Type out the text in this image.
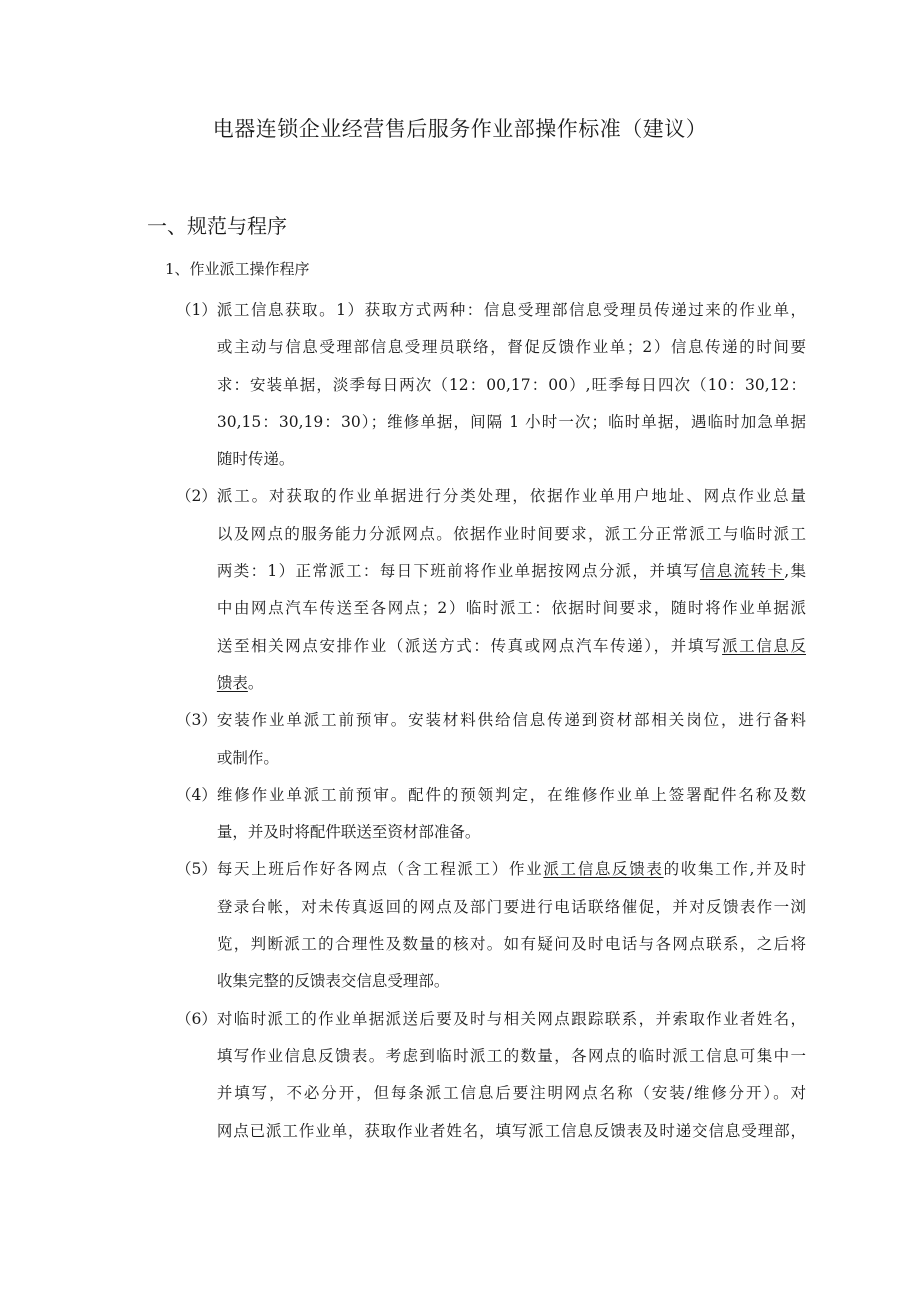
电器连锁企业经营售后服务作业部操作标准（建议）
一、规范与程序
1、作业派工操作程序
（1） 派工信息获取。1）获取方式两种：信息受理部信息受理员传递过来的作业单，
或主动与信息受理部信息受理员联络，督促反馈作业单；2）信息传递的时间要
求：安装单据，淡季每日两次（12：00,17：00）,旺季每日四次（10：30,12：
30,15：30,19：30）；维修单据，间隔 1 小时一次；临时单据，遇临时加急单据
随时传递。
（2） 派工。对获取的作业单据进行分类处理，依据作业单用户地址、网点作业总量
以及网点的服务能力分派网点。依据作业时间要求，派工分正常派工与临时派工
两类：1）正常派工：每日下班前将作业单据按网点分派，并填写信息流转卡,集
中由网点汽车传送至各网点；2）临时派工：依据时间要求，随时将作业单据派
送至相关网点安排作业（派送方式：传真或网点汽车传递），并填写派工信息反
馈表。
（3） 安装作业单派工前预审。安装材料供给信息传递到资材部相关岗位，进行备料
或制作。
（4） 维修作业单派工前预审。配件的预领判定，在维修作业单上签署配件名称及数
量，并及时将配件联送至资材部准备。
（5） 每天上班后作好各网点（含工程派工）作业派工信息反馈表的收集工作,并及时
登录台帐，对未传真返回的网点及部门要进行电话联络催促，并对反馈表作一浏
览，判断派工的合理性及数量的核对。如有疑问及时电话与各网点联系，之后将
收集完整的反馈表交信息受理部。
（6） 对临时派工的作业单据派送后要及时与相关网点跟踪联系，并索取作业者姓名，
填写作业信息反馈表。考虑到临时派工的数量，各网点的临时派工信息可集中一
并填写，不必分开，但每条派工信息后要注明网点名称（安装/维修分开）。对
网点已派工作业单，获取作业者姓名，填写派工信息反馈表及时递交信息受理部，
